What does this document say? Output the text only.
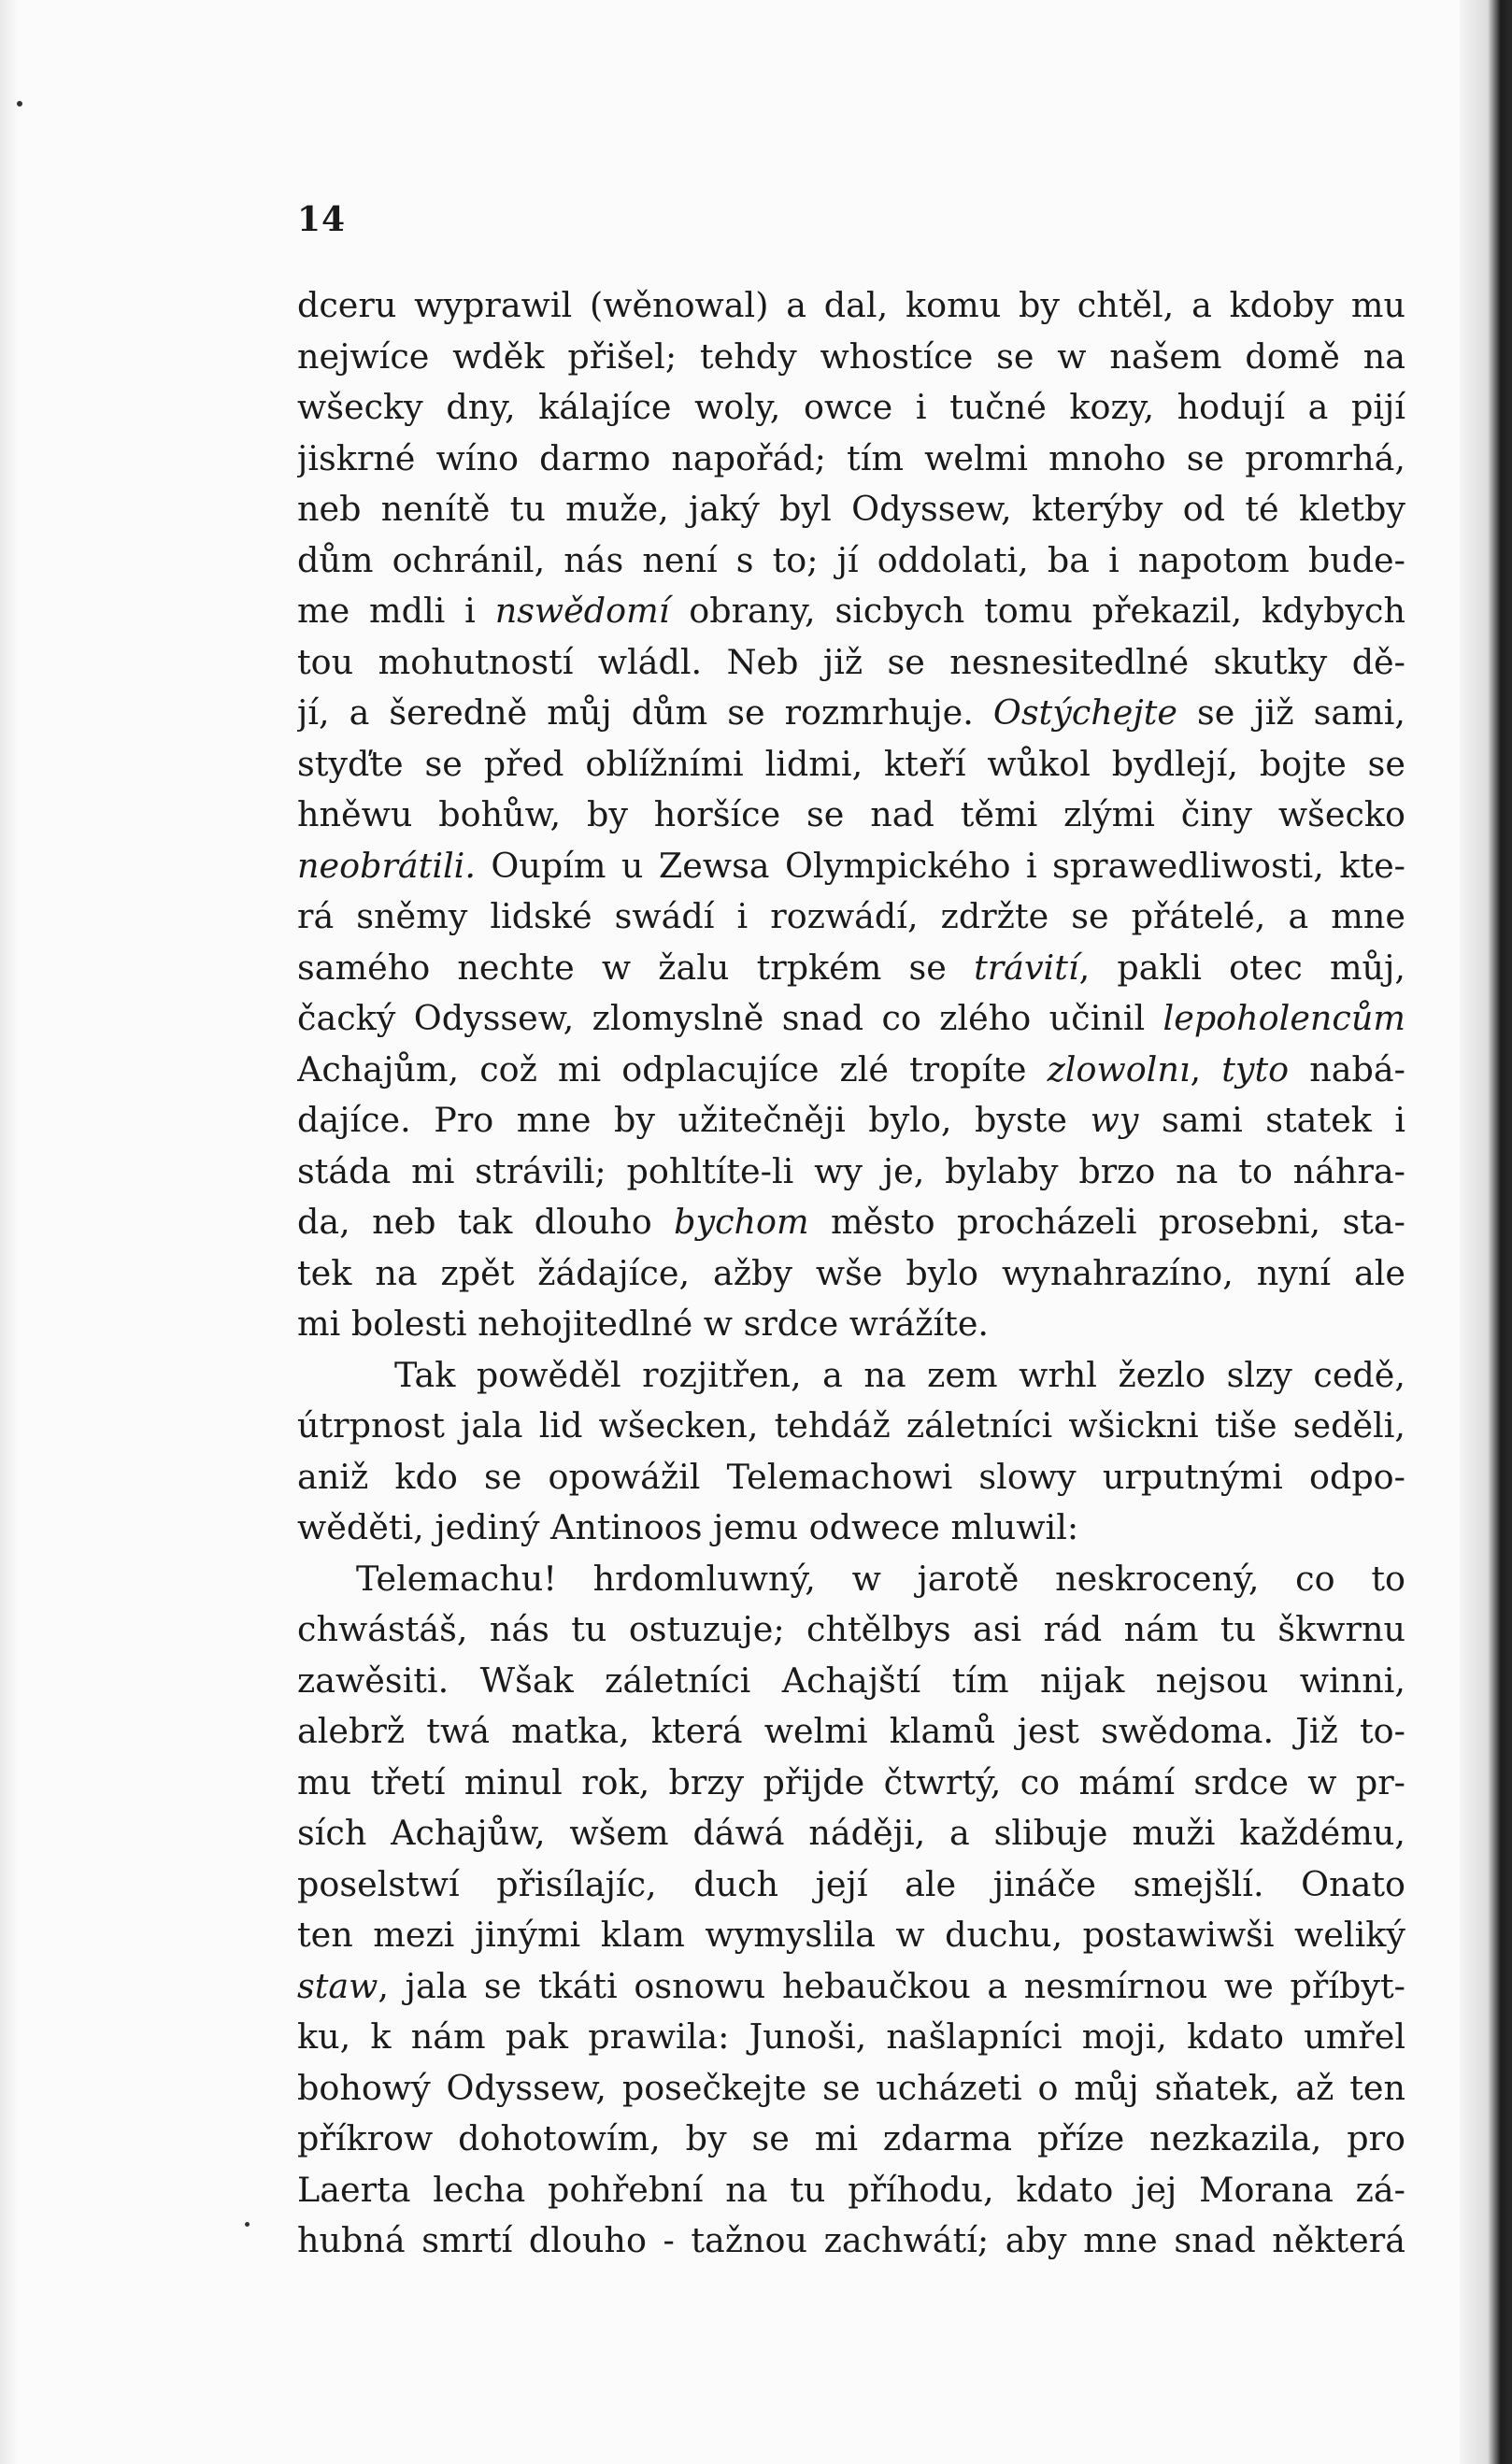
14
dceru wyprawil (wěnowal) a dal, komu by chtěl, a kdoby mu
nejwíce wděk přišel; tehdy whostíce se w našem domě na
wšecky dny, kálajíce woly, owce i tučné kozy, hodují a pijí
jiskrné wíno darmo napořád; tím welmi mnoho se promrhá,
neb nenítě tu muže, jaký byl Odyssew, kterýby od té kletby
dům ochránil, nás není s to; jí oddolati, ba i napotom bude-
me mdli i nswědomí obrany, sicbych tomu překazil, kdybych
tou mohutností wládl. Neb již se nesnesitedlné skutky dě-
jí, a šeredně můj dům se rozmrhuje. Ostýchejte se již sami,
styďte se před oblížními lidmi, kteří wůkol bydlejí, bojte se
hněwu bohůw, by horšíce se nad těmi zlými činy wšecko
neobrátili. Oupím u Zewsa Olympického i sprawedliwosti, kte-
rá sněmy lidské swádí i rozwádí, zdržte se přátelé, a mne
samého nechte w žalu trpkém se trávití, pakli otec můj,
čacký Odyssew, zlomyslně snad co zlého učinil lepoholencům
Achajům, což mi odplacujíce zlé tropíte zlowolnı, tyto nabá-
dajíce. Pro mne by užitečněji bylo, byste wy sami statek i
stáda mi strávili; pohltíte-li wy je, bylaby brzo na to náhra-
da, neb tak dlouho bychom město procházeli prosebni, sta-
tek na zpět žádajíce, ažby wše bylo wynahrazíno, nyní ale
mi bolesti nehojitedlné w srdce wrážíte.
Tak powěděl rozjitřen, a na zem wrhl žezlo slzy cedě,
útrpnost jala lid wšecken, tehdáž záletníci wšickni tiše seděli,
aniž kdo se opowážil Telemachowi slowy urputnými odpo-
wěděti, jediný Antinoos jemu odwece mluwil:
Telemachu! hrdomluwný, w jarotě neskrocený, co to
chwástáš, nás tu ostuzuje; chtělbys asi rád nám tu škwrnu
zawěsiti. Wšak záletníci Achajští tím nijak nejsou winni,
alebrž twá matka, která welmi klamů jest swědoma. Již to-
mu třetí minul rok, brzy přijde čtwrtý, co mámí srdce w pr-
sích Achajůw, wšem dáwá náději, a slibuje muži každému,
poselstwí přisílajíc, duch její ale jináče smejšlí. Onato
ten mezi jinými klam wymyslila w duchu, postawiwši weliký
staw, jala se tkáti osnowu hebaučkou a nesmírnou we příbyt-
ku, k nám pak prawila: Junoši, našlapníci moji, kdato umřel
bohowý Odyssew, posečkejte se ucházeti o můj sňatek, až ten
příkrow dohotowím, by se mi zdarma příze nezkazila, pro
Laerta lecha pohřební na tu příhodu, kdato jej Morana zá-
hubná smrtí dlouho - tažnou zachwátí; aby mne snad některá
